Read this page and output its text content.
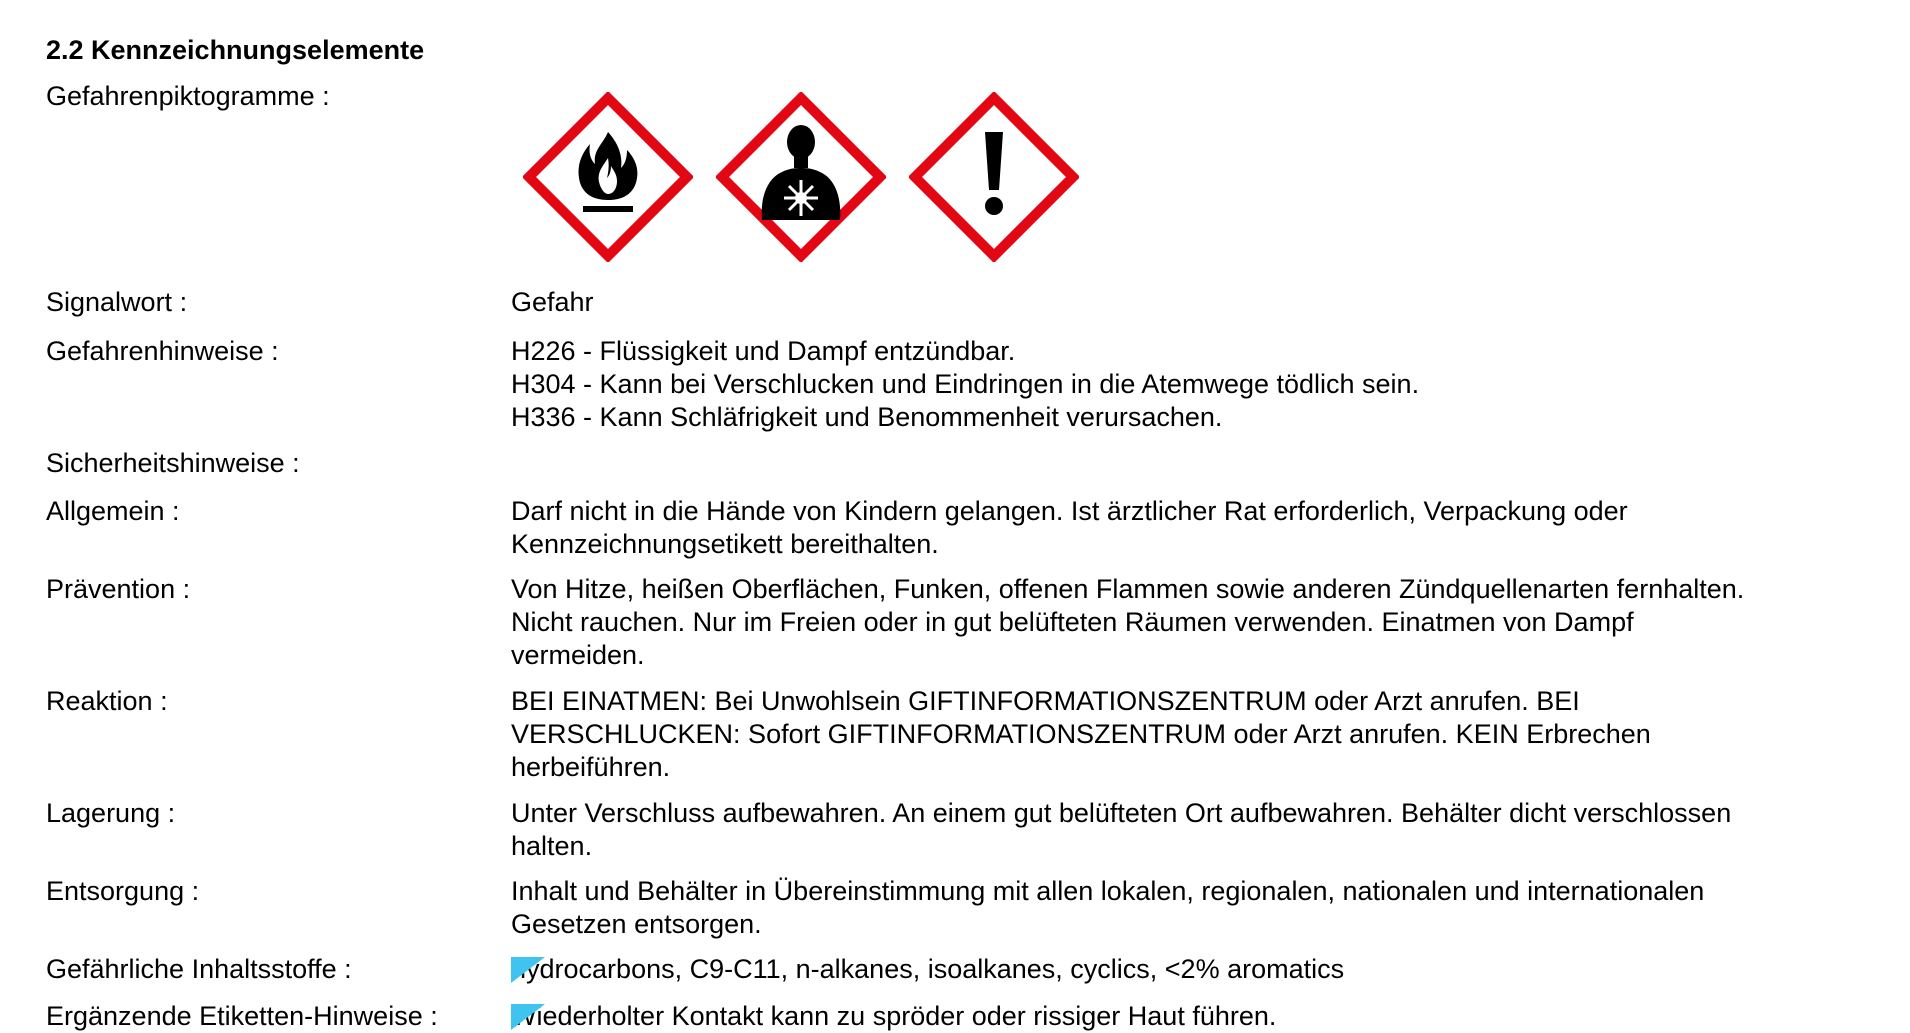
2.2 Kennzeichnungselemente
Gefahrenpiktogramme :
Signalwort :	Gefahr
Gefahrenhinweise :	H226 - Flüssigkeit und Dampf entzündbar.
H304 - Kann bei Verschlucken und Eindringen in die Atemwege tödlich sein.
H336 - Kann Schläfrigkeit und Benommenheit verursachen.
Sicherheitshinweise :
Allgemein :	Darf nicht in die Hände von Kindern gelangen. Ist ärztlicher Rat erforderlich, Verpackung oder
Kennzeichnungsetikett bereithalten.
Prävention :	Von Hitze, heißen Oberflächen, Funken, offenen Flammen sowie anderen Zündquellenarten fernhalten.
Nicht rauchen. Nur im Freien oder in gut belüfteten Räumen verwenden. Einatmen von Dampf
vermeiden.
Reaktion :	BEI EINATMEN: Bei Unwohlsein GIFTINFORMATIONSZENTRUM oder Arzt anrufen. BEI
VERSCHLUCKEN: Sofort GIFTINFORMATIONSZENTRUM oder Arzt anrufen. KEIN Erbrechen
herbeiführen.
Lagerung :	Unter Verschluss aufbewahren. An einem gut belüfteten Ort aufbewahren. Behälter dicht verschlossen
halten.
Entsorgung :	Inhalt und Behälter in Übereinstimmung mit allen lokalen, regionalen, nationalen und internationalen
Gesetzen entsorgen.
Gefährliche Inhaltsstoffe :	hydrocarbons, C9-C11, n-alkanes, isoalkanes, cyclics, <2% aromatics
Ergänzende Etiketten-Hinweise :	Wiederholter Kontakt kann zu spröder oder rissiger Haut führen.
